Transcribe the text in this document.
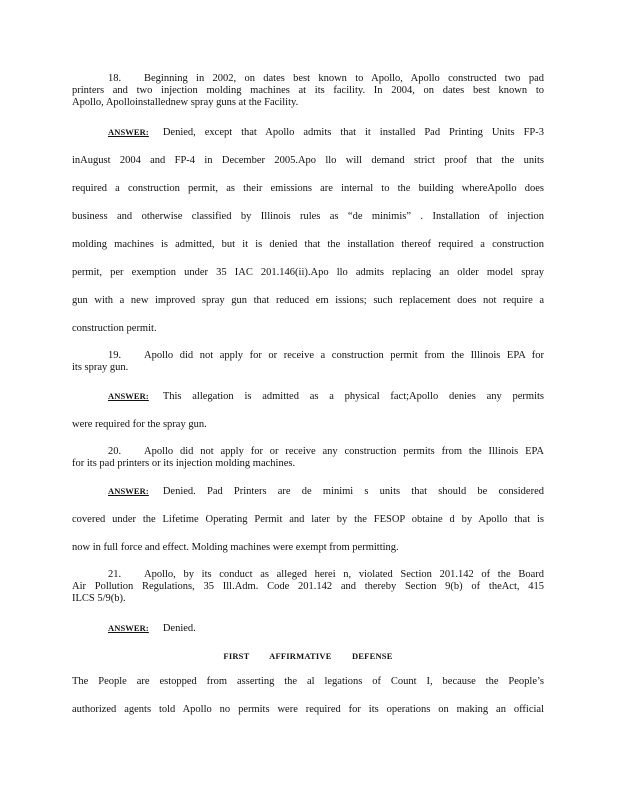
18. Beginning in 2002, on dates best known to Apollo, Apollo constructed two pad
printers and two injection molding machines at its facility. In 2004, on dates best known to
Apollo, Apolloinstallednew spray guns at the Facility.
ANSWER: Denied, except that Apollo admits that it installed Pad Printing Units FP-3
inAugust 2004 and FP-4 in December 2005.Apo llo will demand strict proof that the units
required a construction permit, as their emissions are internal to the building whereApollo does
business and otherwise classified by Illinois rules as “de minimis” . Installation of injection
molding machines is admitted, but it is denied that the installation thereof required a construction
permit, per exemption under 35 IAC 201.146(ii).Apo llo admits replacing an older model spray
gun with a new improved spray gun that reduced em issions; such replacement does not require a
construction permit.
19. Apollo did not apply for or receive a construction permit from the Illinois EPA for
its spray gun.
ANSWER: This allegation is admitted as a physical fact;Apollo denies any permits
were required for the spray gun.
20. Apollo did not apply for or receive any construction permits from the Illinois EPA
for its pad printers or its injection molding machines.
ANSWER: Denied. Pad Printers are de minimi s units that should be considered
covered under the Lifetime Operating Permit and later by the FESOP obtaine d by Apollo that is
now in full force and effect. Molding machines were exempt from permitting.
21. Apollo, by its conduct as alleged herei n, violated Section 201.142 of the Board
Air Pollution Regulations, 35 Ill.Adm. Code 201.142 and thereby Section 9(b) of theAct, 415
ILCS 5/9(b).
ANSWER: Denied.
FIRST AFFIRMATIVE DEFENSE
The People are estopped from asserting the al legations of Count I, because the People’s
authorized agents told Apollo no permits were required for its operations on making an official
